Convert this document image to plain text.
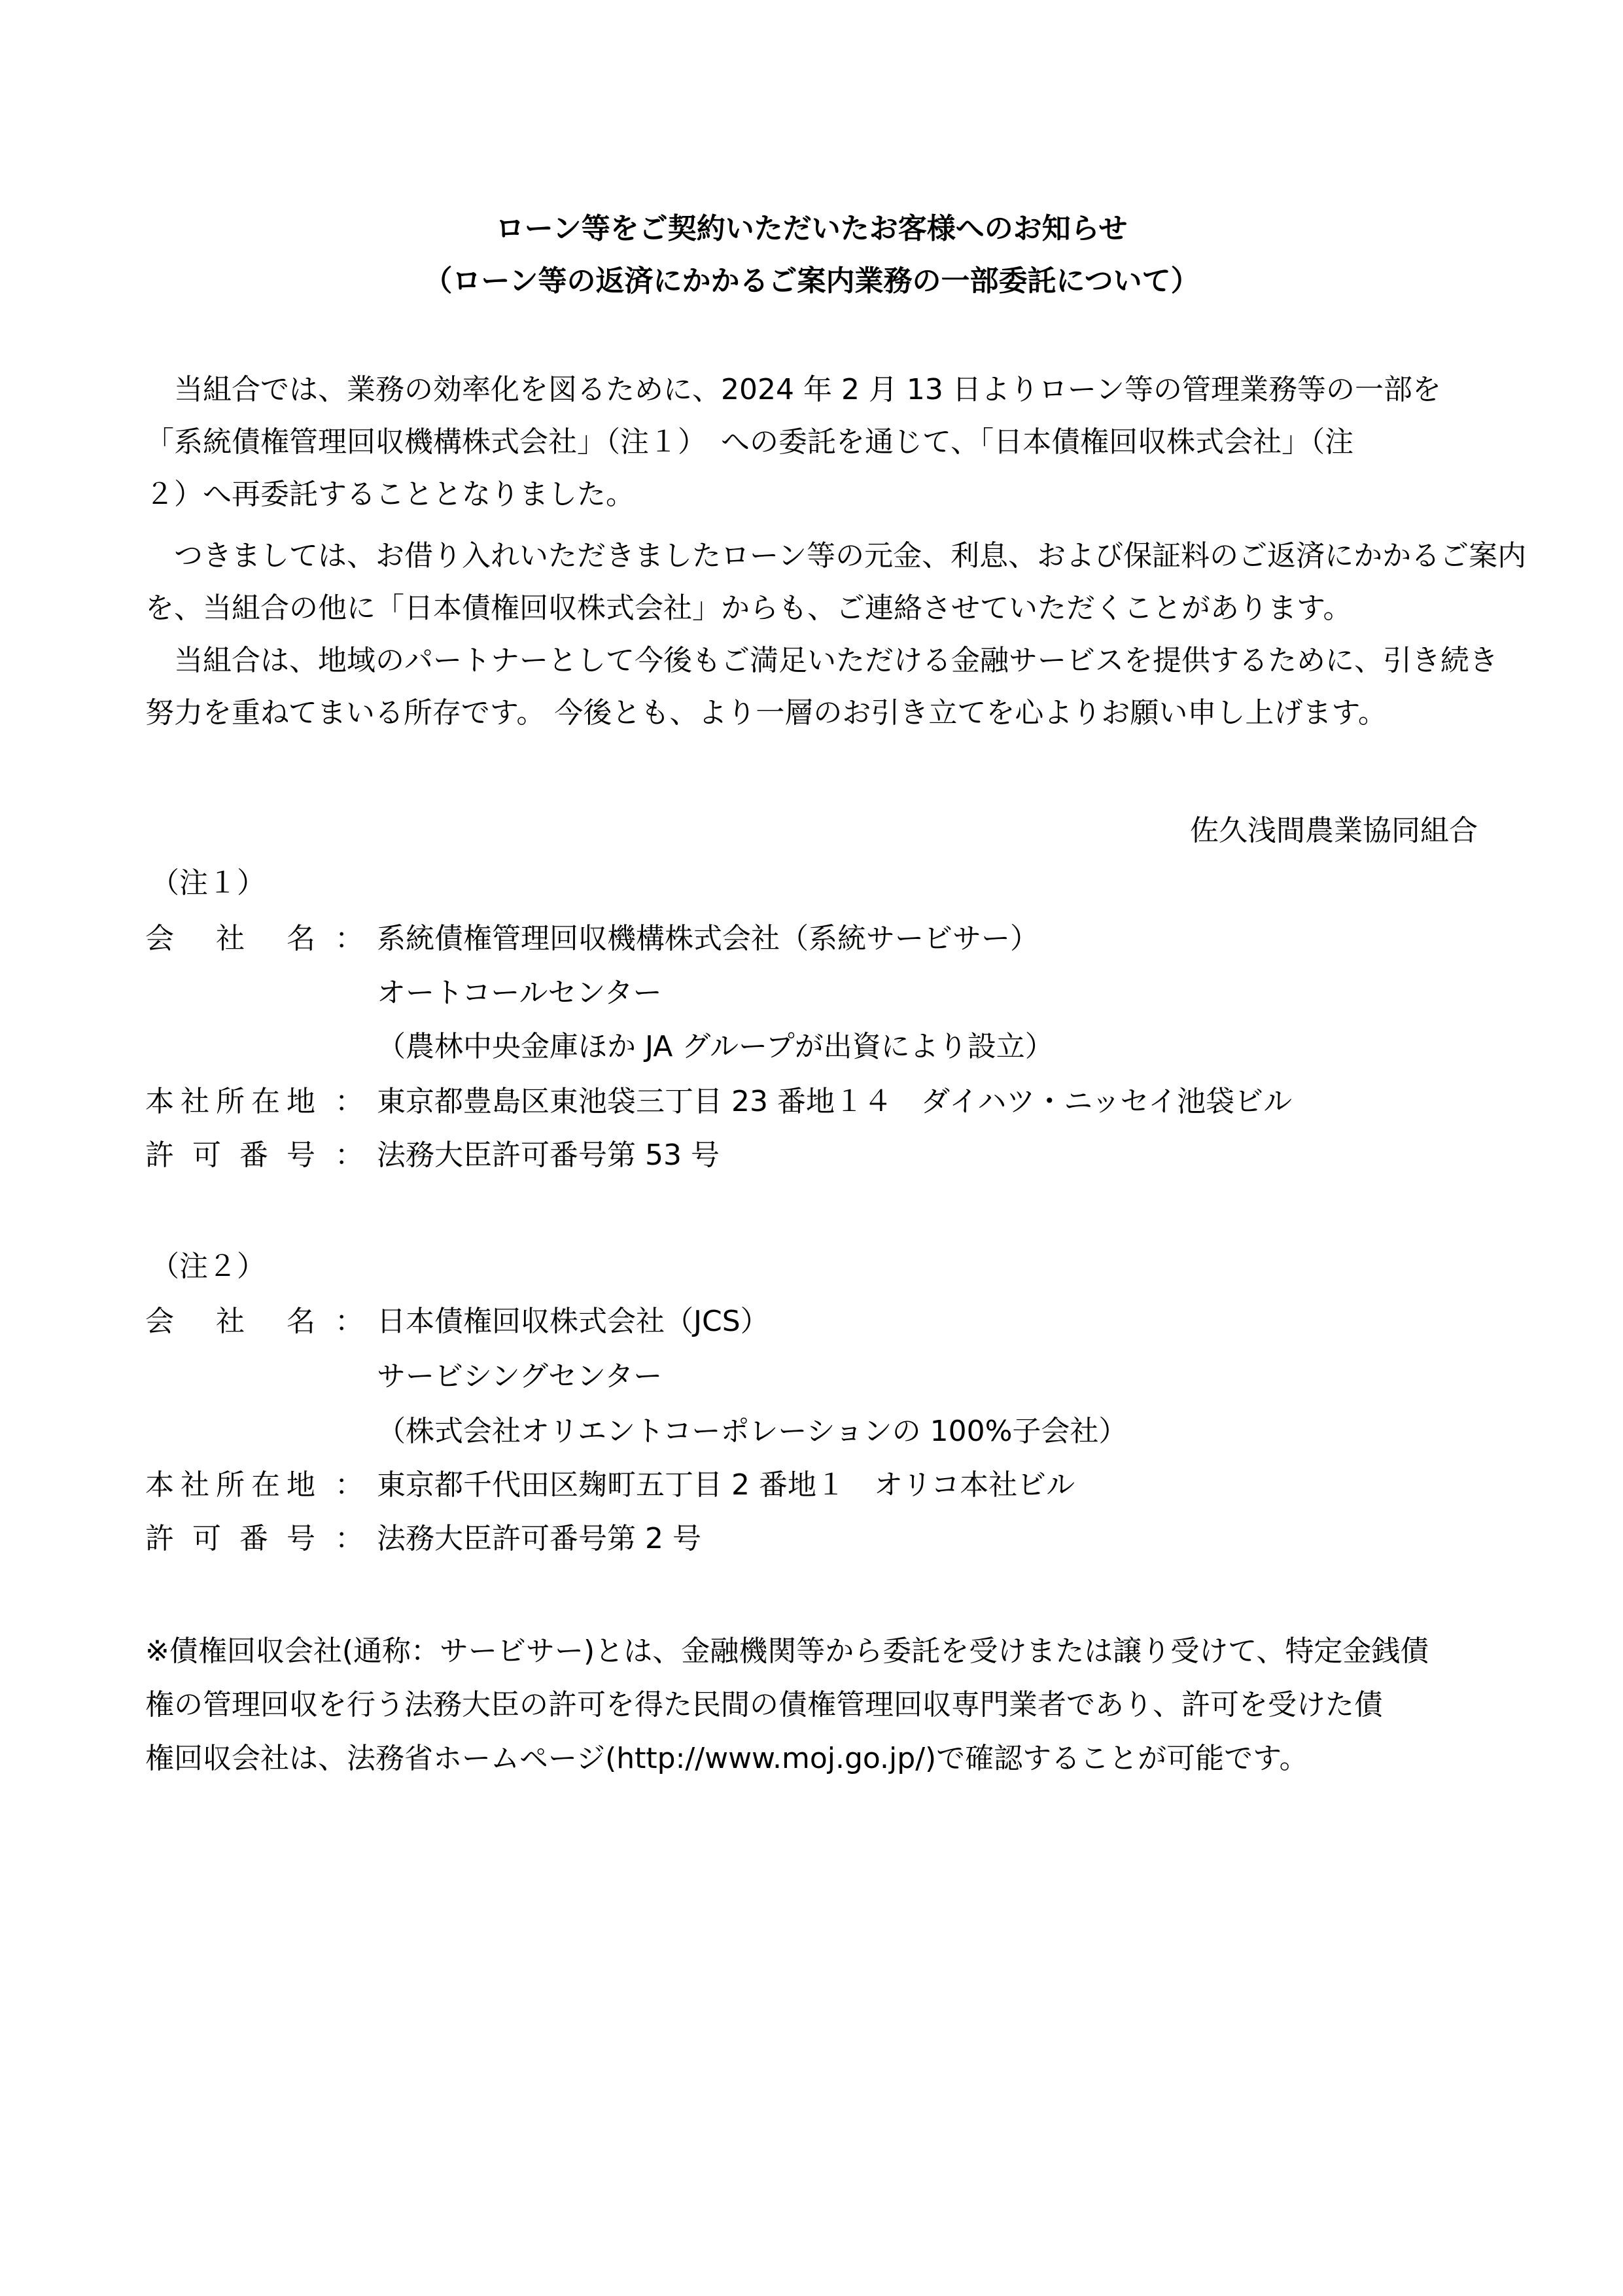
ローン等をご契約いただいたお客様へのお知らせ
（ローン等の返済にかかるご案内業務の一部委託について）
　当組合では、業務の効率化を図るために、2024 年 2 月 13 日よりローン等の管理業務等の一部を
「系統債権管理回収機構株式会社」（注１）　への委託を通じて、「日本債権回収株式会社」（注
２）へ再委託することとなりました。
　つきましては、お借り入れいただきましたローン等の元金、利息、および保証料のご返済にかかるご案内
を、当組合の他に「日本債権回収株式会社」からも、ご連絡させていただくことがあります。
　当組合は、地域のパートナーとして今後もご満足いただける金融サービスを提供するために、引き続き
努力を重ねてまいる所存です。 今後とも、より一層のお引き立てを心よりお願い申し上げます。
佐久浅間農業協同組合
（注１）
会 社 名 ： 系統債権管理回収機構株式会社（系統サービサー）
オートコールセンター
（農林中央金庫ほか JA グループが出資により設立）
本 社 所 在 地 ： 東京都豊島区東池袋三丁目 23 番地１４　ダイハツ・ニッセイ池袋ビル
許 可 番 号 ： 法務大臣許可番号第 53 号
（注２）
会 社 名 ： 日本債権回収株式会社（JCS）
サービシングセンター
（株式会社オリエントコーポレーションの 100%子会社）
本 社 所 在 地 ： 東京都千代田区麹町五丁目 2 番地１　オリコ本社ビル
許 可 番 号 ： 法務大臣許可番号第 2 号
※債権回収会社(通称：サービサー)とは、金融機関等から委託を受けまたは譲り受けて、特定金銭債
権の管理回収を行う法務大臣の許可を得た民間の債権管理回収専門業者であり、許可を受けた債
権回収会社は、法務省ホームページ(http://www.moj.go.jp/)で確認することが可能です。
